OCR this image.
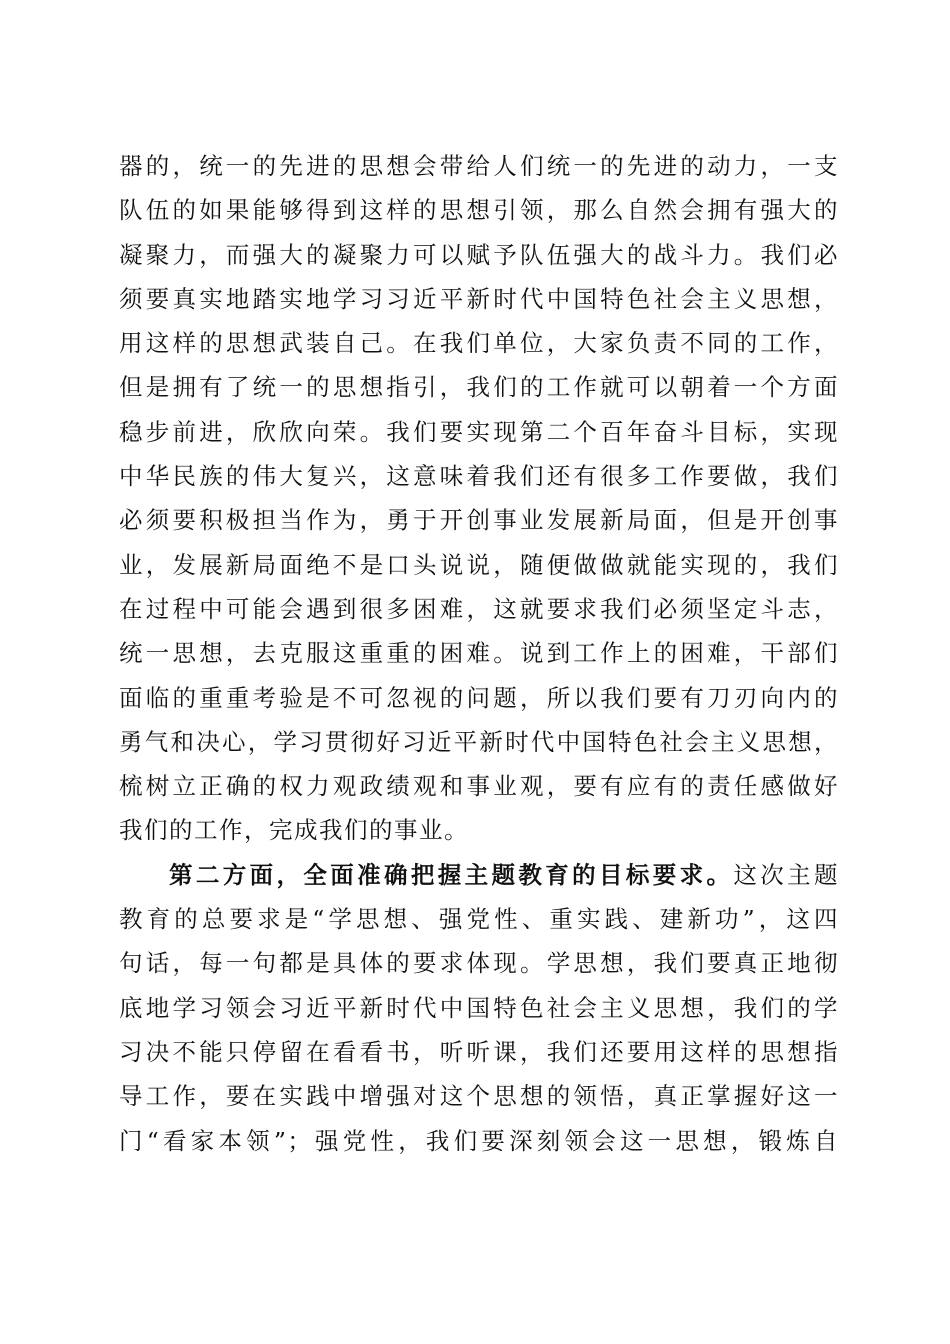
器的，统一的先进的思想会带给人们统一的先进的动力，一支
队伍的如果能够得到这样的思想引领，那么自然会拥有强大的
凝聚力，而强大的凝聚力可以赋予队伍强大的战斗力。我们必
须要真实地踏实地学习习近平新时代中国特色社会主义思想，
用这样的思想武装自己。在我们单位，大家负责不同的工作，
但是拥有了统一的思想指引，我们的工作就可以朝着一个方面
稳步前进，欣欣向荣。我们要实现第二个百年奋斗目标，实现
中华民族的伟大复兴，这意味着我们还有很多工作要做，我们
必须要积极担当作为，勇于开创事业发展新局面，但是开创事
业，发展新局面绝不是口头说说，随便做做就能实现的，我们
在过程中可能会遇到很多困难，这就要求我们必须坚定斗志，
统一思想，去克服这重重的困难。说到工作上的困难，干部们
面临的重重考验是不可忽视的问题，所以我们要有刀刃向内的
勇气和决心，学习贯彻好习近平新时代中国特色社会主义思想，
梳树立正确的权力观政绩观和事业观，要有应有的责任感做好
我们的工作，完成我们的事业。
第二方面，全面准确把握主题教育的目标要求。这次主题
教育的总要求是“学思想、强党性、重实践、建新功”，这四
句话，每一句都是具体的要求体现。学思想，我们要真正地彻
底地学习领会习近平新时代中国特色社会主义思想，我们的学
习决不能只停留在看看书，听听课，我们还要用这样的思想指
导工作，要在实践中增强对这个思想的领悟，真正掌握好这一
门“看家本领”；强党性，我们要深刻领会这一思想，锻炼自
